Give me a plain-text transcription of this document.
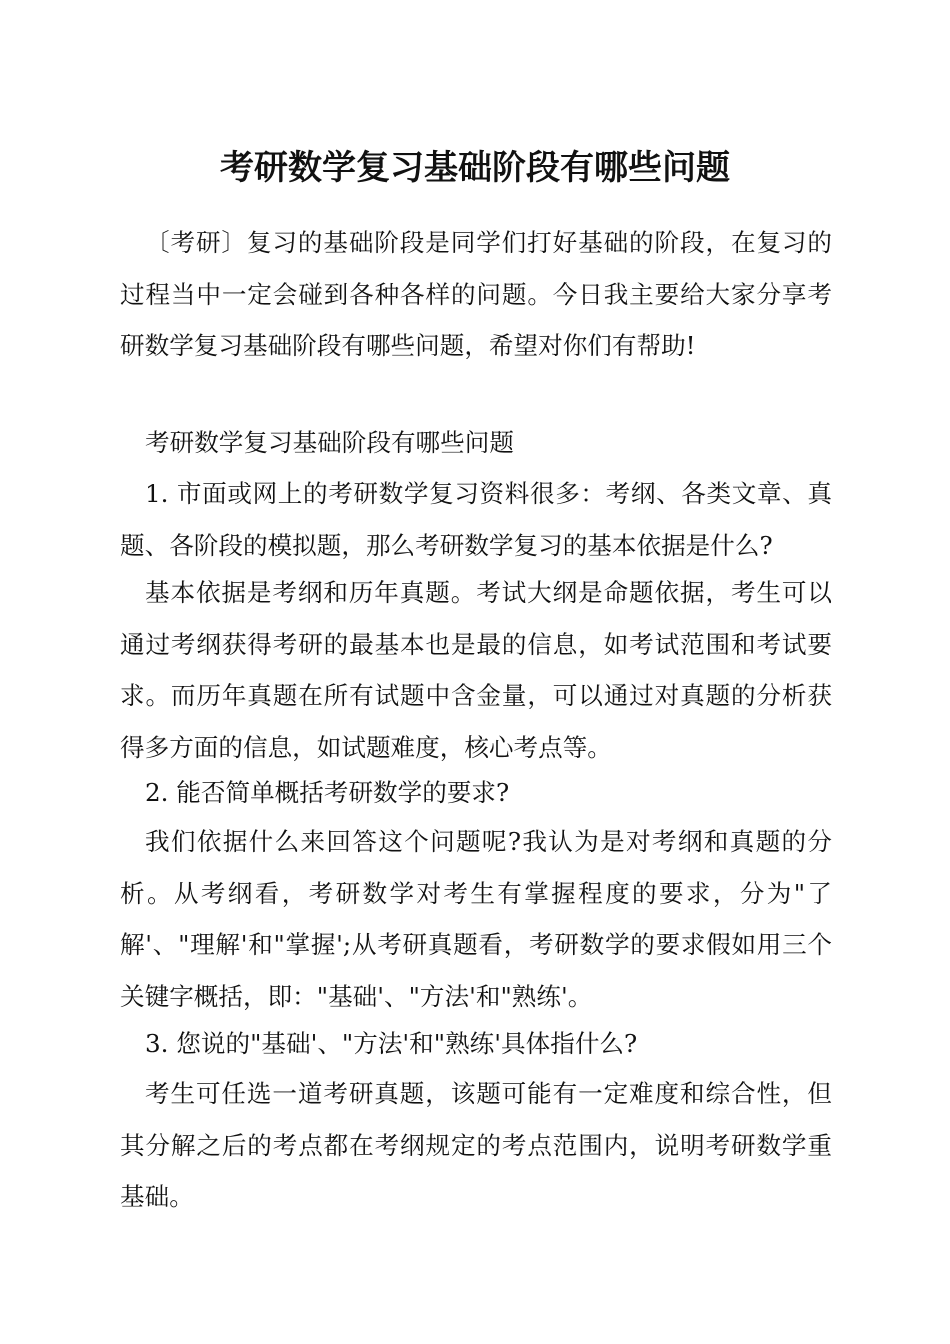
考研数学复习基础阶段有哪些问题

〔考研〕复习的基础阶段是同学们打好基础的阶段，在复习的过程当中一定会碰到各种各样的问题。今日我主要给大家分享考研数学复习基础阶段有哪些问题，希望对你们有帮助!

考研数学复习基础阶段有哪些问题

1. 市面或网上的考研数学复习资料很多：考纲、各类文章、真题、各阶段的模拟题，那么考研数学复习的基本依据是什么?

基本依据是考纲和历年真题。考试大纲是命题依据，考生可以通过考纲获得考研的最基本也是最的信息，如考试范围和考试要求。而历年真题在所有试题中含金量，可以通过对真题的分析获得多方面的信息，如试题难度，核心考点等。

2. 能否简单概括考研数学的要求?

我们依据什么来回答这个问题呢?我认为是对考纲和真题的分析。从考纲看，考研数学对考生有掌握程度的要求，分为"了解'、"理解'和"掌握';从考研真题看，考研数学的要求假如用三个关键字概括，即："基础'、"方法'和"熟练'。

3. 您说的"基础'、"方法'和"熟练'具体指什么?

考生可任选一道考研真题，该题可能有一定难度和综合性，但其分解之后的考点都在考纲规定的考点范围内，说明考研数学重基础。
